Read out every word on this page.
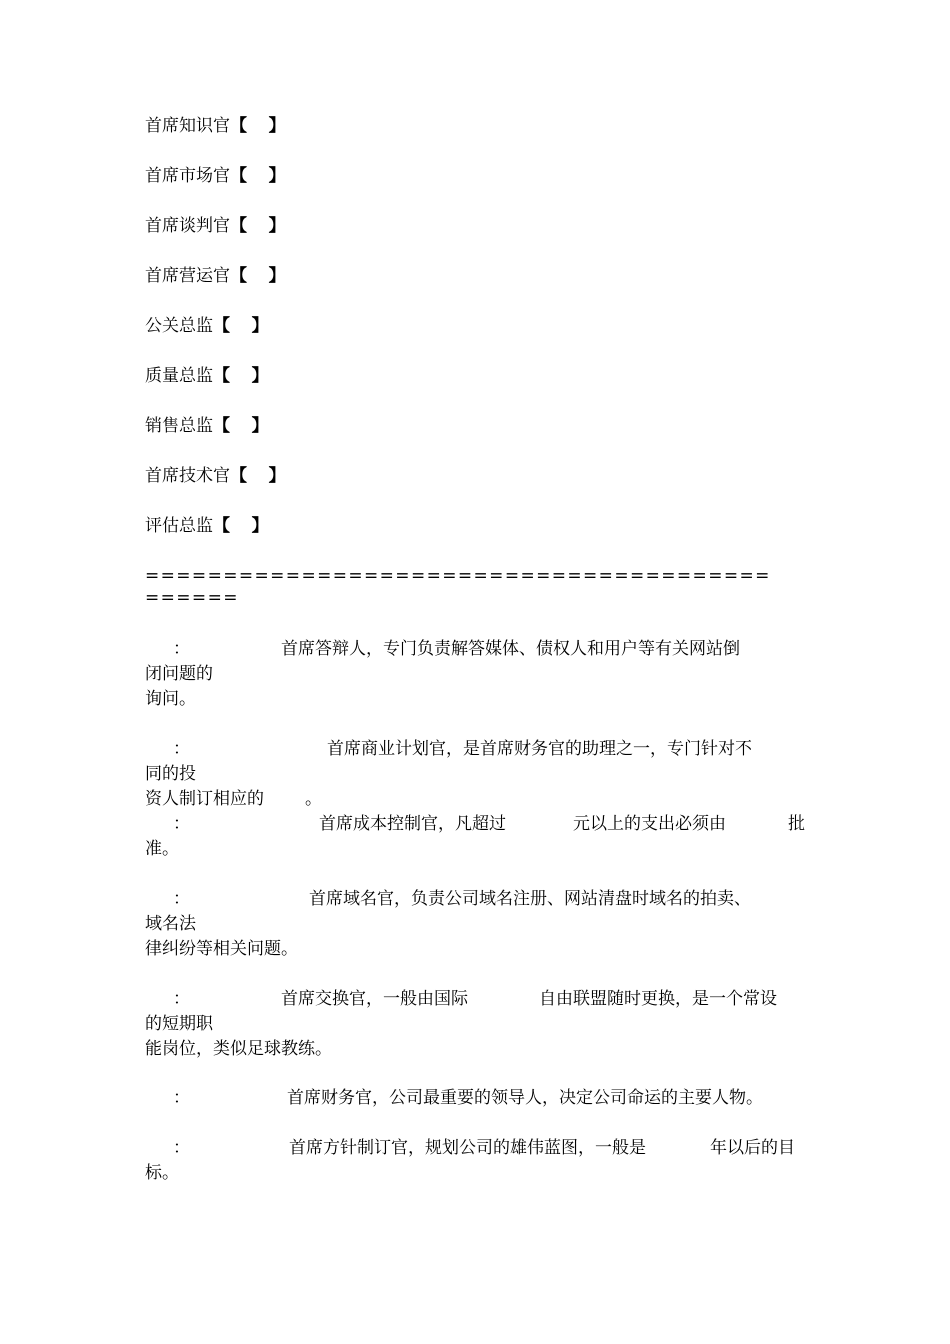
首席知识官【 】
首席市场官【 】
首席谈判官【 】
首席营运官【 】
公关总监【 】
质量总监【 】
销售总监【 】
首席技术官【 】
评估总监【 】
========================================
======

：

	首席答辩人，专门负责解答媒体、债权人和用户等有关网站倒

闭问题的
询问。

：

	首席商业计划官，是首席财务官的助理之一，专门针对不

同的投

资人制订相应的

。

：

	首席成本控制官，凡超过

	元以上的支出必须由

	批

准。

：

	首席域名官，负责公司域名注册、网站清盘时域名的拍卖、

域名法
律纠纷等相关问题。

：

	首席交换官，一般由国际

	自由联盟随时更换，是一个常设

的短期职
能岗位，类似足球教练。

：

	首席财务官，公司最重要的领导人，决定公司命运的主要人物。

：

	首席方针制订官，规划公司的雄伟蓝图，一般是

	年以后的目

标。
